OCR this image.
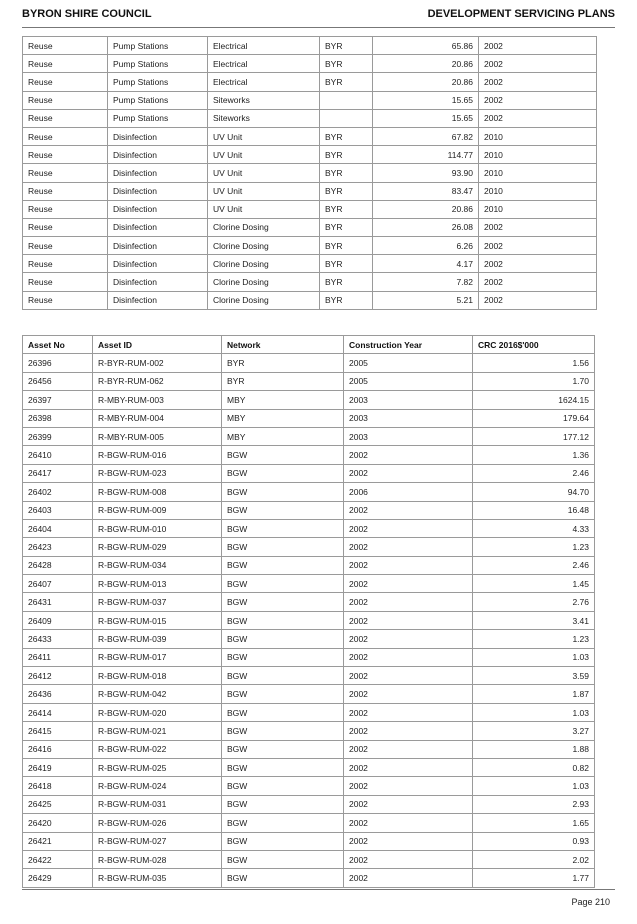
BYRON SHIRE COUNCIL	DEVELOPMENT SERVICING PLANS
Reuse	Pump Stations	Electrical	BYR	65.86	2002
Reuse	Pump Stations	Electrical	BYR	20.86	2002
Reuse	Pump Stations	Electrical	BYR	20.86	2002
Reuse	Pump Stations	Siteworks		15.65	2002
Reuse	Pump Stations	Siteworks		15.65	2002
Reuse	Disinfection	UV Unit	BYR	67.82	2010
Reuse	Disinfection	UV Unit	BYR	114.77	2010
Reuse	Disinfection	UV Unit	BYR	93.90	2010
Reuse	Disinfection	UV Unit	BYR	83.47	2010
Reuse	Disinfection	UV Unit	BYR	20.86	2010
Reuse	Disinfection	Clorine Dosing	BYR	26.08	2002
Reuse	Disinfection	Clorine Dosing	BYR	6.26	2002
Reuse	Disinfection	Clorine Dosing	BYR	4.17	2002
Reuse	Disinfection	Clorine Dosing	BYR	7.82	2002
Reuse	Disinfection	Clorine Dosing	BYR	5.21	2002
Asset No	Asset ID	Network	Construction Year	CRC 2016$'000
26396	R-BYR-RUM-002	BYR	2005	1.56
26456	R-BYR-RUM-062	BYR	2005	1.70
26397	R-MBY-RUM-003	MBY	2003	1624.15
26398	R-MBY-RUM-004	MBY	2003	179.64
26399	R-MBY-RUM-005	MBY	2003	177.12
26410	R-BGW-RUM-016	BGW	2002	1.36
26417	R-BGW-RUM-023	BGW	2002	2.46
26402	R-BGW-RUM-008	BGW	2006	94.70
26403	R-BGW-RUM-009	BGW	2002	16.48
26404	R-BGW-RUM-010	BGW	2002	4.33
26423	R-BGW-RUM-029	BGW	2002	1.23
26428	R-BGW-RUM-034	BGW	2002	2.46
26407	R-BGW-RUM-013	BGW	2002	1.45
26431	R-BGW-RUM-037	BGW	2002	2.76
26409	R-BGW-RUM-015	BGW	2002	3.41
26433	R-BGW-RUM-039	BGW	2002	1.23
26411	R-BGW-RUM-017	BGW	2002	1.03
26412	R-BGW-RUM-018	BGW	2002	3.59
26436	R-BGW-RUM-042	BGW	2002	1.87
26414	R-BGW-RUM-020	BGW	2002	1.03
26415	R-BGW-RUM-021	BGW	2002	3.27
26416	R-BGW-RUM-022	BGW	2002	1.88
26419	R-BGW-RUM-025	BGW	2002	0.82
26418	R-BGW-RUM-024	BGW	2002	1.03
26425	R-BGW-RUM-031	BGW	2002	2.93
26420	R-BGW-RUM-026	BGW	2002	1.65
26421	R-BGW-RUM-027	BGW	2002	0.93
26422	R-BGW-RUM-028	BGW	2002	2.02
26429	R-BGW-RUM-035	BGW	2002	1.77
Page 210
